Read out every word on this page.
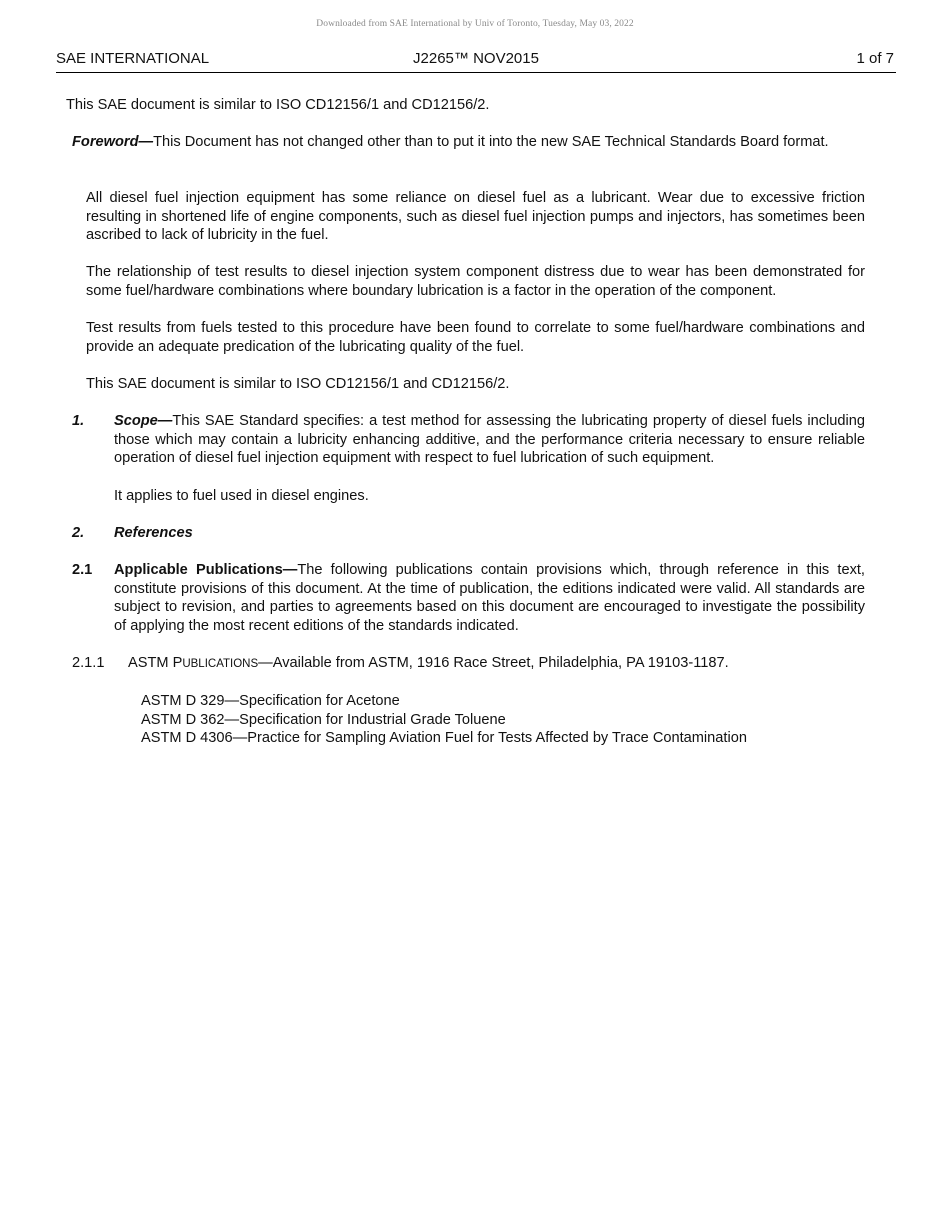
Downloaded from SAE International by Univ of Toronto, Tuesday, May 03, 2022
SAE INTERNATIONAL	J2265™ NOV2015	1 of 7
This SAE document is similar to ISO CD12156/1 and CD12156/2.
Foreword—This Document has not changed other than to put it into the new SAE Technical Standards Board format.
All diesel fuel injection equipment has some reliance on diesel fuel as a lubricant. Wear due to excessive friction resulting in shortened life of engine components, such as diesel fuel injection pumps and injectors, has sometimes been ascribed to lack of lubricity in the fuel.
The relationship of test results to diesel injection system component distress due to wear has been demonstrated for some fuel/hardware combinations where boundary lubrication is a factor in the operation of the component.
Test results from fuels tested to this procedure have been found to correlate to some fuel/hardware combinations and provide an adequate predication of the lubricating quality of the fuel.
This SAE document is similar to ISO CD12156/1 and CD12156/2.
1. Scope—This SAE Standard specifies: a test method for assessing the lubricating property of diesel fuels including those which may contain a lubricity enhancing additive, and the performance criteria necessary to ensure reliable operation of diesel fuel injection equipment with respect to fuel lubrication of such equipment.
It applies to fuel used in diesel engines.
2. References
2.1 Applicable Publications—The following publications contain provisions which, through reference in this text, constitute provisions of this document. At the time of publication, the editions indicated were valid. All standards are subject to revision, and parties to agreements based on this document are encouraged to investigate the possibility of applying the most recent editions of the standards indicated.
2.1.1 ASTM PUBLICATIONS—Available from ASTM, 1916 Race Street, Philadelphia, PA 19103-1187.
ASTM D 329—Specification for Acetone
ASTM D 362—Specification for Industrial Grade Toluene
ASTM D 4306—Practice for Sampling Aviation Fuel for Tests Affected by Trace Contamination
